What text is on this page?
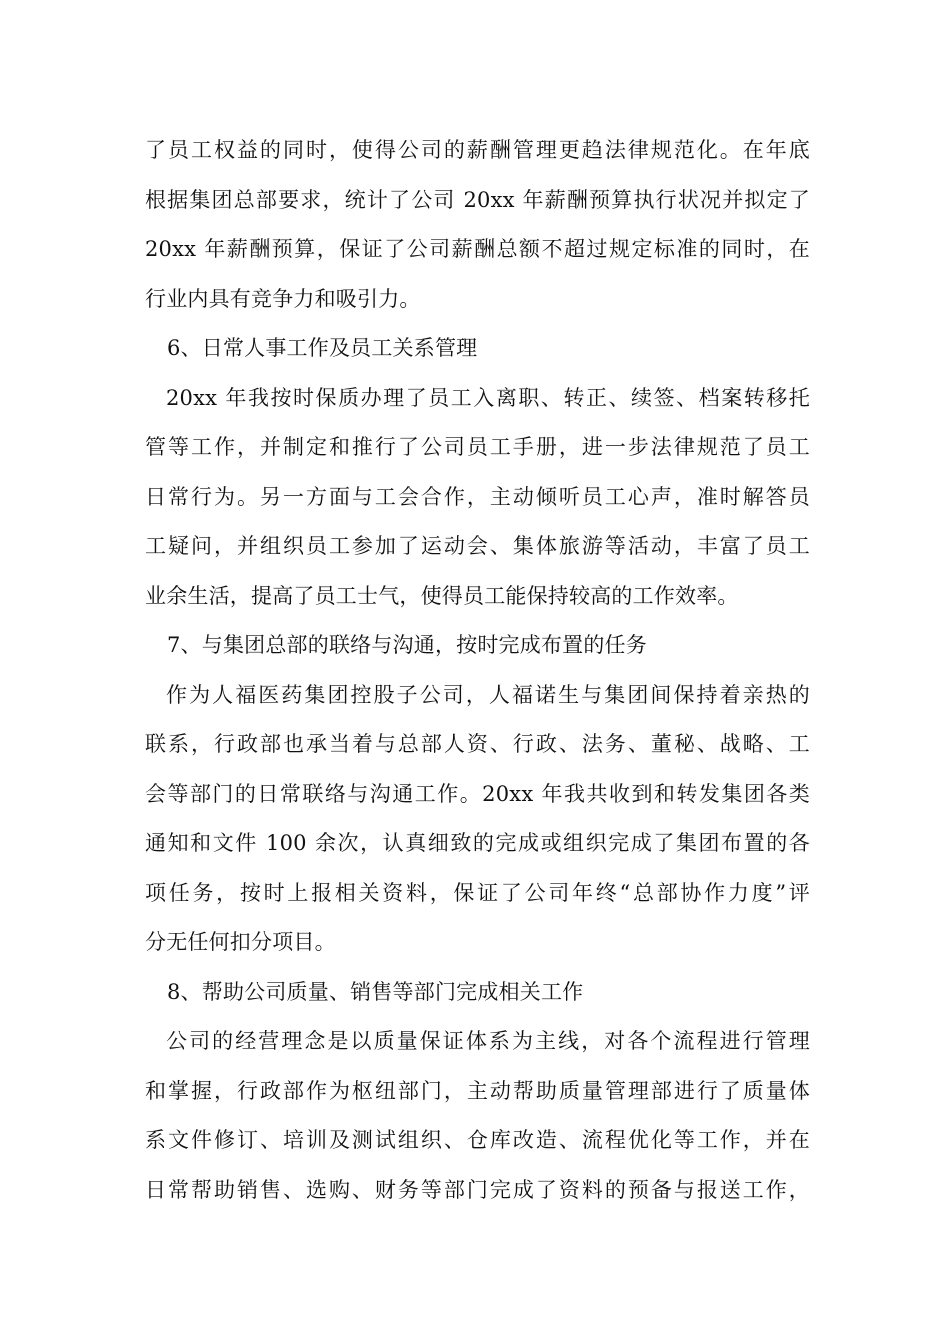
了员工权益的同时，使得公司的薪酬管理更趋法律规范化。在年底
根据集团总部要求，统计了公司 20xx 年薪酬预算执行状况并拟定了
20xx 年薪酬预算，保证了公司薪酬总额不超过规定标准的同时，在
行业内具有竞争力和吸引力。
6、日常人事工作及员工关系管理
20xx 年我按时保质办理了员工入离职、转正、续签、档案转移托
管等工作，并制定和推行了公司员工手册，进一步法律规范了员工
日常行为。另一方面与工会合作，主动倾听员工心声，准时解答员
工疑问，并组织员工参加了运动会、集体旅游等活动，丰富了员工
业余生活，提高了员工士气，使得员工能保持较高的工作效率。
7、与集团总部的联络与沟通，按时完成布置的任务
作为人福医药集团控股子公司，人福诺生与集团间保持着亲热的
联系，行政部也承当着与总部人资、行政、法务、董秘、战略、工
会等部门的日常联络与沟通工作。20xx 年我共收到和转发集团各类
通知和文件 100 余次，认真细致的完成或组织完成了集团布置的各
项任务，按时上报相关资料，保证了公司年终“总部协作力度”评
分无任何扣分项目。
8、帮助公司质量、销售等部门完成相关工作
公司的经营理念是以质量保证体系为主线，对各个流程进行管理
和掌握，行政部作为枢纽部门，主动帮助质量管理部进行了质量体
系文件修订、培训及测试组织、仓库改造、流程优化等工作，并在
日常帮助销售、选购、财务等部门完成了资料的预备与报送工作，
